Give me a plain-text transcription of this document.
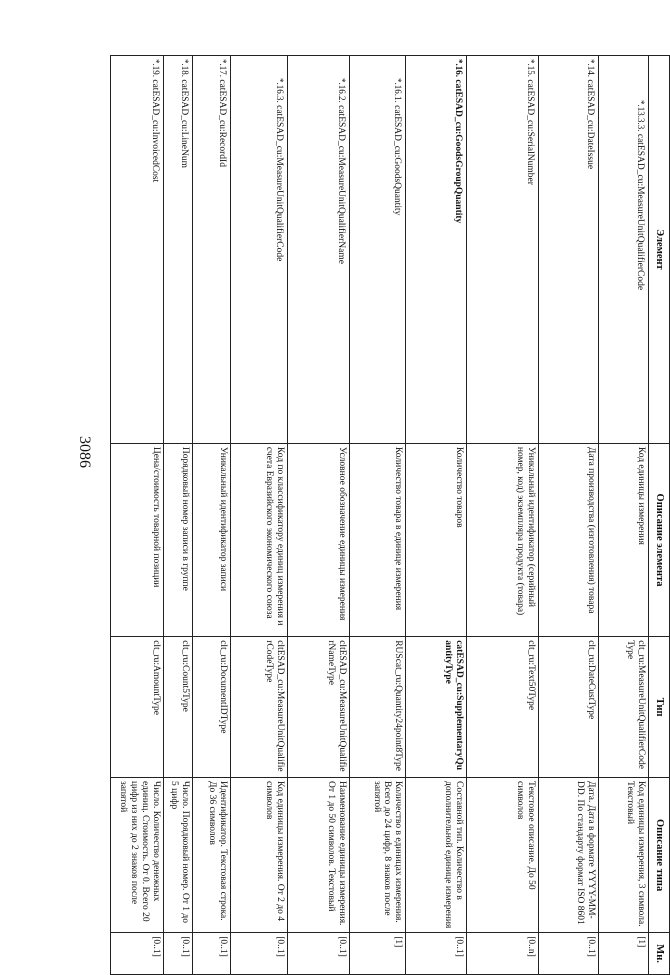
3086
Элемент	Описание элемента	Тип	Описание типа	Мн.
*.13.3.3. catESAD_cu:MeasureUnitQualifierCode	Код единицы измерения	clt_ru:MeasureUnitQualifierCodeType	Код единицы измерения, 3 символа. Текстовый	[1]
*.14. catESAD_cu:DateIssue	Дата производства (изготовления) товара	clt_ru:DateCustType	Дата. Дата в формате YYYY-MM-DD. По стандарту формат ISO 8601	[0..1]
*.15. catESAD_cu:SerialNumber	Уникальный идентификатор (серийный номер, код) экземпляра продукта (товара)	clt_ru:Text50Type	Текстовое описание. До 50 символов	[0..n]
*.16. catESAD_cu:GoodsGroupQuantity	Количество товаров	catESAD_cu:SupplementaryQuantityType	Составной тип. Количество в дополнительной единице измерения	[0..1]
*.16.1. catESAD_cu:GoodsQuantity	Количество товара в единице измерения	RUScat_ru:Quantity24point8Type	Количество в единицах измерения. Всего до 24 цифр, 8 знаков после запятой	[1]
*.16.2. catESAD_cu:MeasureUnitQualifierName	Условное обозначение единицы измерения	cltESAD_cu:MeasureUnitQualifierNameType	Наименование единицы измерения. От 1 до 50 символов. Текстовый	[0..1]
*.16.3. catESAD_cu:MeasureUnitQualifierCode	Код по классификатору единиц измерения и счета Евразийского экономического союза	cltESAD_cu:MeasureUnitQualifierCodeType	Код единицы измерения. От 2 до 4 символов	[0..1]
*.17. catESAD_cu:RecordId	Уникальный идентификатор записи	clt_ru:DocumentIDType	Идентификатор. Текстовая строка. До 36 символов	[0..1]
*.18. catESAD_cu:LineNum	Порядковый номер записи в группе	clt_ru:Count5Type	Число. Порядковый номер. От 1 до 5 цифр	[0..1]
*.19. catESAD_cu:InvoicedCost	Цена/стоимость товарной позиции	clt_ru:AmountType	Число. Количество денежных единиц. Стоимость. От 0. Всего 20 цифр из них до 2 знаков после запятой	[0..1]
